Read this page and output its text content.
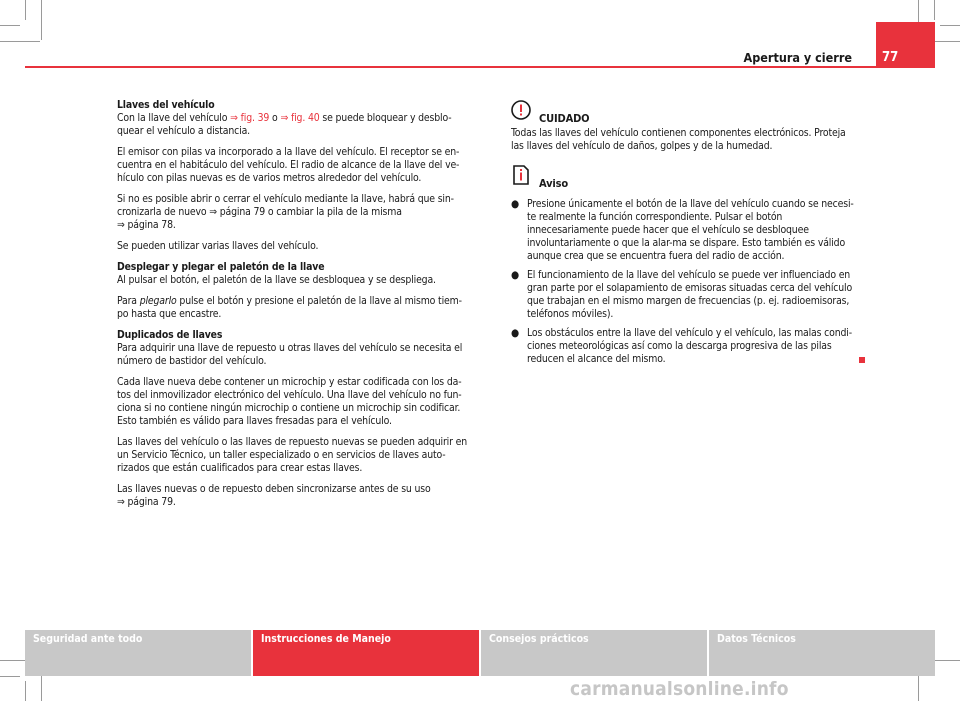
Apertura y cierre	77

Llaves del vehículo

Con la llave del vehículo ⇒ fig. 39 o ⇒ fig. 40 se puede bloquear y desblo-quear el vehículo a distancia.

El emisor con pilas va incorporado a la llave del vehículo. El receptor se en-cuentra en el habitáculo del vehículo. El radio de alcance de la llave del ve-hículo con pilas nuevas es de varios metros alrededor del vehículo.

Si no es posible abrir o cerrar el vehículo mediante la llave, habrá que sin-cronizarla de nuevo ⇒ página 79 o cambiar la pila de la misma
⇒ página 78.

Se pueden utilizar varias llaves del vehículo.

Desplegar y plegar el paletón de la llave

Al pulsar el botón, el paletón de la llave se desbloquea y se despliega.

Para plegarlo pulse el botón y presione el paletón de la llave al mismo tiem-po hasta que encastre.

Duplicados de llaves

Para adquirir una llave de repuesto u otras llaves del vehículo se necesita el número de bastidor del vehículo.

Cada llave nueva debe contener un microchip y estar codificada con los da-tos del inmovilizador electrónico del vehículo. Una llave del vehículo no fun-ciona si no contiene ningún microchip o contiene un microchip sin codificar. Esto también es válido para llaves fresadas para el vehículo.

Las llaves del vehículo o las llaves de repuesto nuevas se pueden adquirir en un Servicio Técnico, un taller especializado o en servicios de llaves auto-rizados que están cualificados para crear estas llaves.

Las llaves nuevas o de repuesto deben sincronizarse antes de su uso
⇒ página 79.

CUIDADO

Todas las llaves del vehículo contienen componentes electrónicos. Proteja las llaves del vehículo de daños, golpes y de la humedad.

Aviso
● Presione únicamente el botón de la llave del vehículo cuando se necesi-te realmente la función correspondiente. Pulsar el botón innecesariamente puede hacer que el vehículo se desbloquee involuntariamente o que la alar-ma se dispare. Esto también es válido aunque crea que se encuentra fuera del radio de acción.
● El funcionamiento de la llave del vehículo se puede ver influenciado en gran parte por el solapamiento de emisoras situadas cerca del vehículo que trabajan en el mismo margen de frecuencias (p. ej. radioemisoras, teléfonos móviles).
● Los obstáculos entre la llave del vehículo y el vehículo, las malas condi-ciones meteorológicas así como la descarga progresiva de las pilas reducen el alcance del mismo.
Seguridad ante todo	Instrucciones de Manejo	Consejos prácticos	Datos Técnicos
carmanualsonline.info
